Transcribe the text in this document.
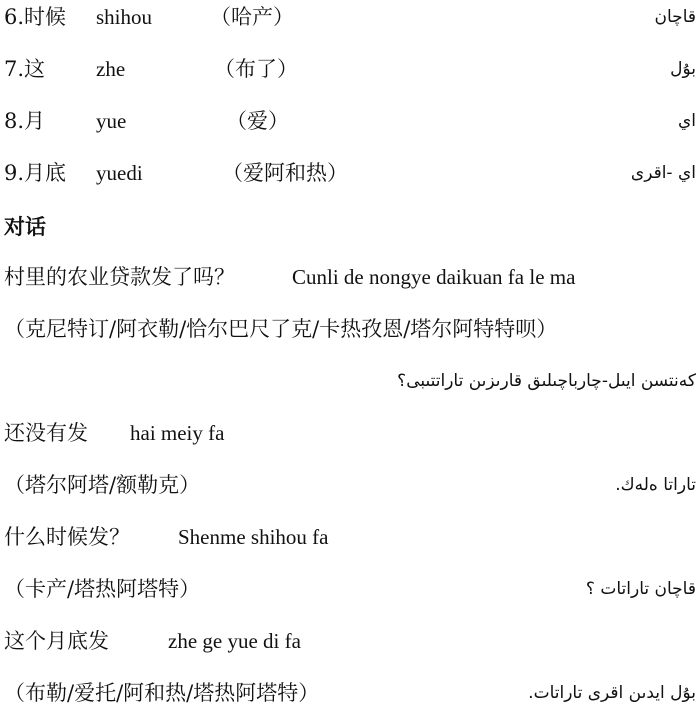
6.时候 shihou	（哈产）	قاچان
7.这 zhe	（布了）	بۇل
8.月 yue	（爱）	اي
9.月底 yuedi	（爱阿和热）	اي -اقرى
对话
村里的农业贷款发了吗？	Cunli de nongye daikuan fa le ma
（克尼特订/阿衣勒/恰尔巴尺了克/卡热孜恩/塔尔阿特特呗）
كەنتسن ايىل-چارباچىلىق قارىزىن تاراتتىبى؟
还没有发 hai meiy fa
（塔尔阿塔/额勒克）	تاراتا ەلەك.
什么时候发？ Shenme shihou fa
（卡产/塔热阿塔特）	قاچان تاراتات ؟
这个月底发	zhe ge yue di fa
（布勒/爱托/阿和热/塔热阿塔特）	بۇل ايدىن اقرى تاراتات.
